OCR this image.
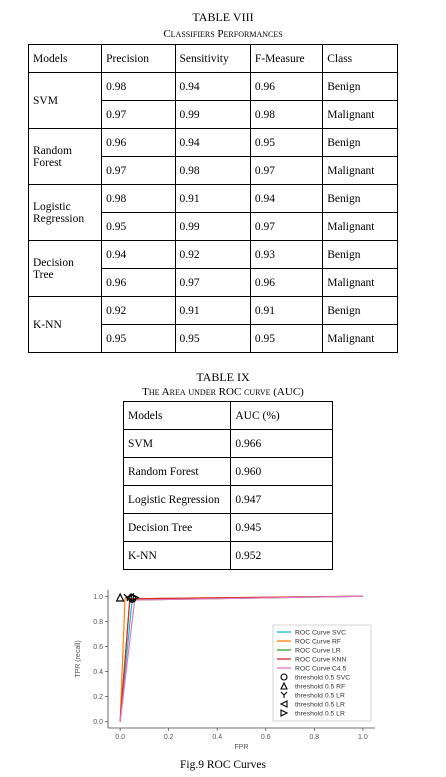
TABLE VIII
Classifiers Performances
Models	Precision	Sensitivity	F-Measure	Class
SVM	0.98	0.94	0.96	Benign
	0.97	0.99	0.98	Malignant
Random Forest	0.96	0.94	0.95	Benign
	0.97	0.98	0.97	Malignant
Logistic Regression	0.98	0.91	0.94	Benign
	0.95	0.99	0.97	Malignant
Decision Tree	0.94	0.92	0.93	Benign
	0.96	0.97	0.96	Malignant
K-NN	0.92	0.91	0.91	Benign
	0.95	0.95	0.95	Malignant
TABLE IX
The Area under ROC curve (AUC)
Models	AUC (%)
SVM	0.966
Random Forest	0.960
Logistic Regression	0.947
Decision Tree	0.945
K-NN	0.952
0.0	0.2	0.4	0.6	0.8	1.0
0.0
0.2
0.4
0.6
0.8
1.0
ROC Curve SVC
ROC Curve RF
ROC Curve LR
ROC Curve KNN
ROC Curve C4.5
threshold 0.5 SVC
threshold 0.5 RF
threshold 0.5 LR
threshold 0.5 LR
threshold 0.5 LR
FPR
TPR (recall)
Fig.9 ROC Curves
